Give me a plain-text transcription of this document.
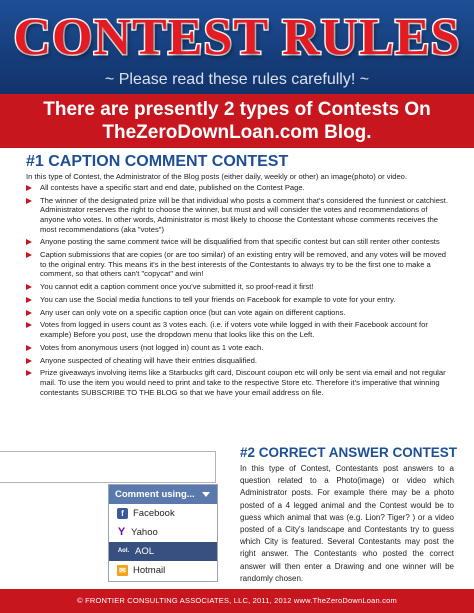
CONTEST RULES
~ Please read these rules carefully! ~
There are presently 2 types of Contests On
TheZeroDownLoan.com Blog.
#1 CAPTION COMMENT CONTEST
In this type of Contest, the Administrator of the Blog posts (either daily, weekly or other) an image(photo) or video.
All contests have a specific start and end date, published on the Contest Page.
The winner of the designated prize will be that individual who posts a comment that's considered the funniest or catchiest. Administrator reserves the right to choose the winner, but must and will consider the votes and recommendations of anyone who votes. In other words, Administrator is most likely to choose the Contestant whose comments receives the most recommendations (aka "votes")
Anyone posting the same comment twice will be disqualified from that specific contest but can still renter other contests
Caption submissions that are copies (or are too similar) of an existing entry will be removed, and any votes will be moved to the original entry. This means it's in the best interests of the Contestants to always try to be the first one to make a comment, so that others can't "copycat" and win!
You cannot edit a caption comment once you've submitted it, so proof-read it first!
You can use the Social media functions to tell your friends on Facebook for example to vote for your entry.
Any user can only vote on a specific caption once (but can vote again on different captions.
Votes from logged in users count as 3 votes each. (i.e. if voters vote while logged in with their Facebook account for example) Before you post, use the dropdown menu that looks like this on the Left.
Votes from anonymous users (not logged in) count as 1 vote each.
Anyone suspected of cheating will have their entries disqualified.
Prize giveaways involving items like a Starbucks gift card, Discount coupon etc will only be sent via email and not regular mail. To use the item you would need to print and take to the respective Store etc. Therefore it's imperative that winning contestants SUBSCRIBE TO THE BLOG so that we have your email address on file.
Comment using...
f Facebook
Y Yahoo
Aol. AOL
✉ Hotmail
#2 CORRECT ANSWER CONTEST
In this type of Contest, Contestants post answers to a question related to a Photo(image) or video which Administrator posts. For example there may be a photo posted of a 4 legged animal and the Contest would be to guess which animal that was (e.g. Lion? Tiger? ) or a video posted of a City's landscape and Contestants try to guess which City is featured. Several Contestants may post the right answer. The Contestants who posted the correct answer will then enter a Drawing and one winner will be randomly chosen.
© FRONTIER CONSULTING ASSOCIATES, LLC, 2011, 2012 www.TheZeroDownLoan.com
